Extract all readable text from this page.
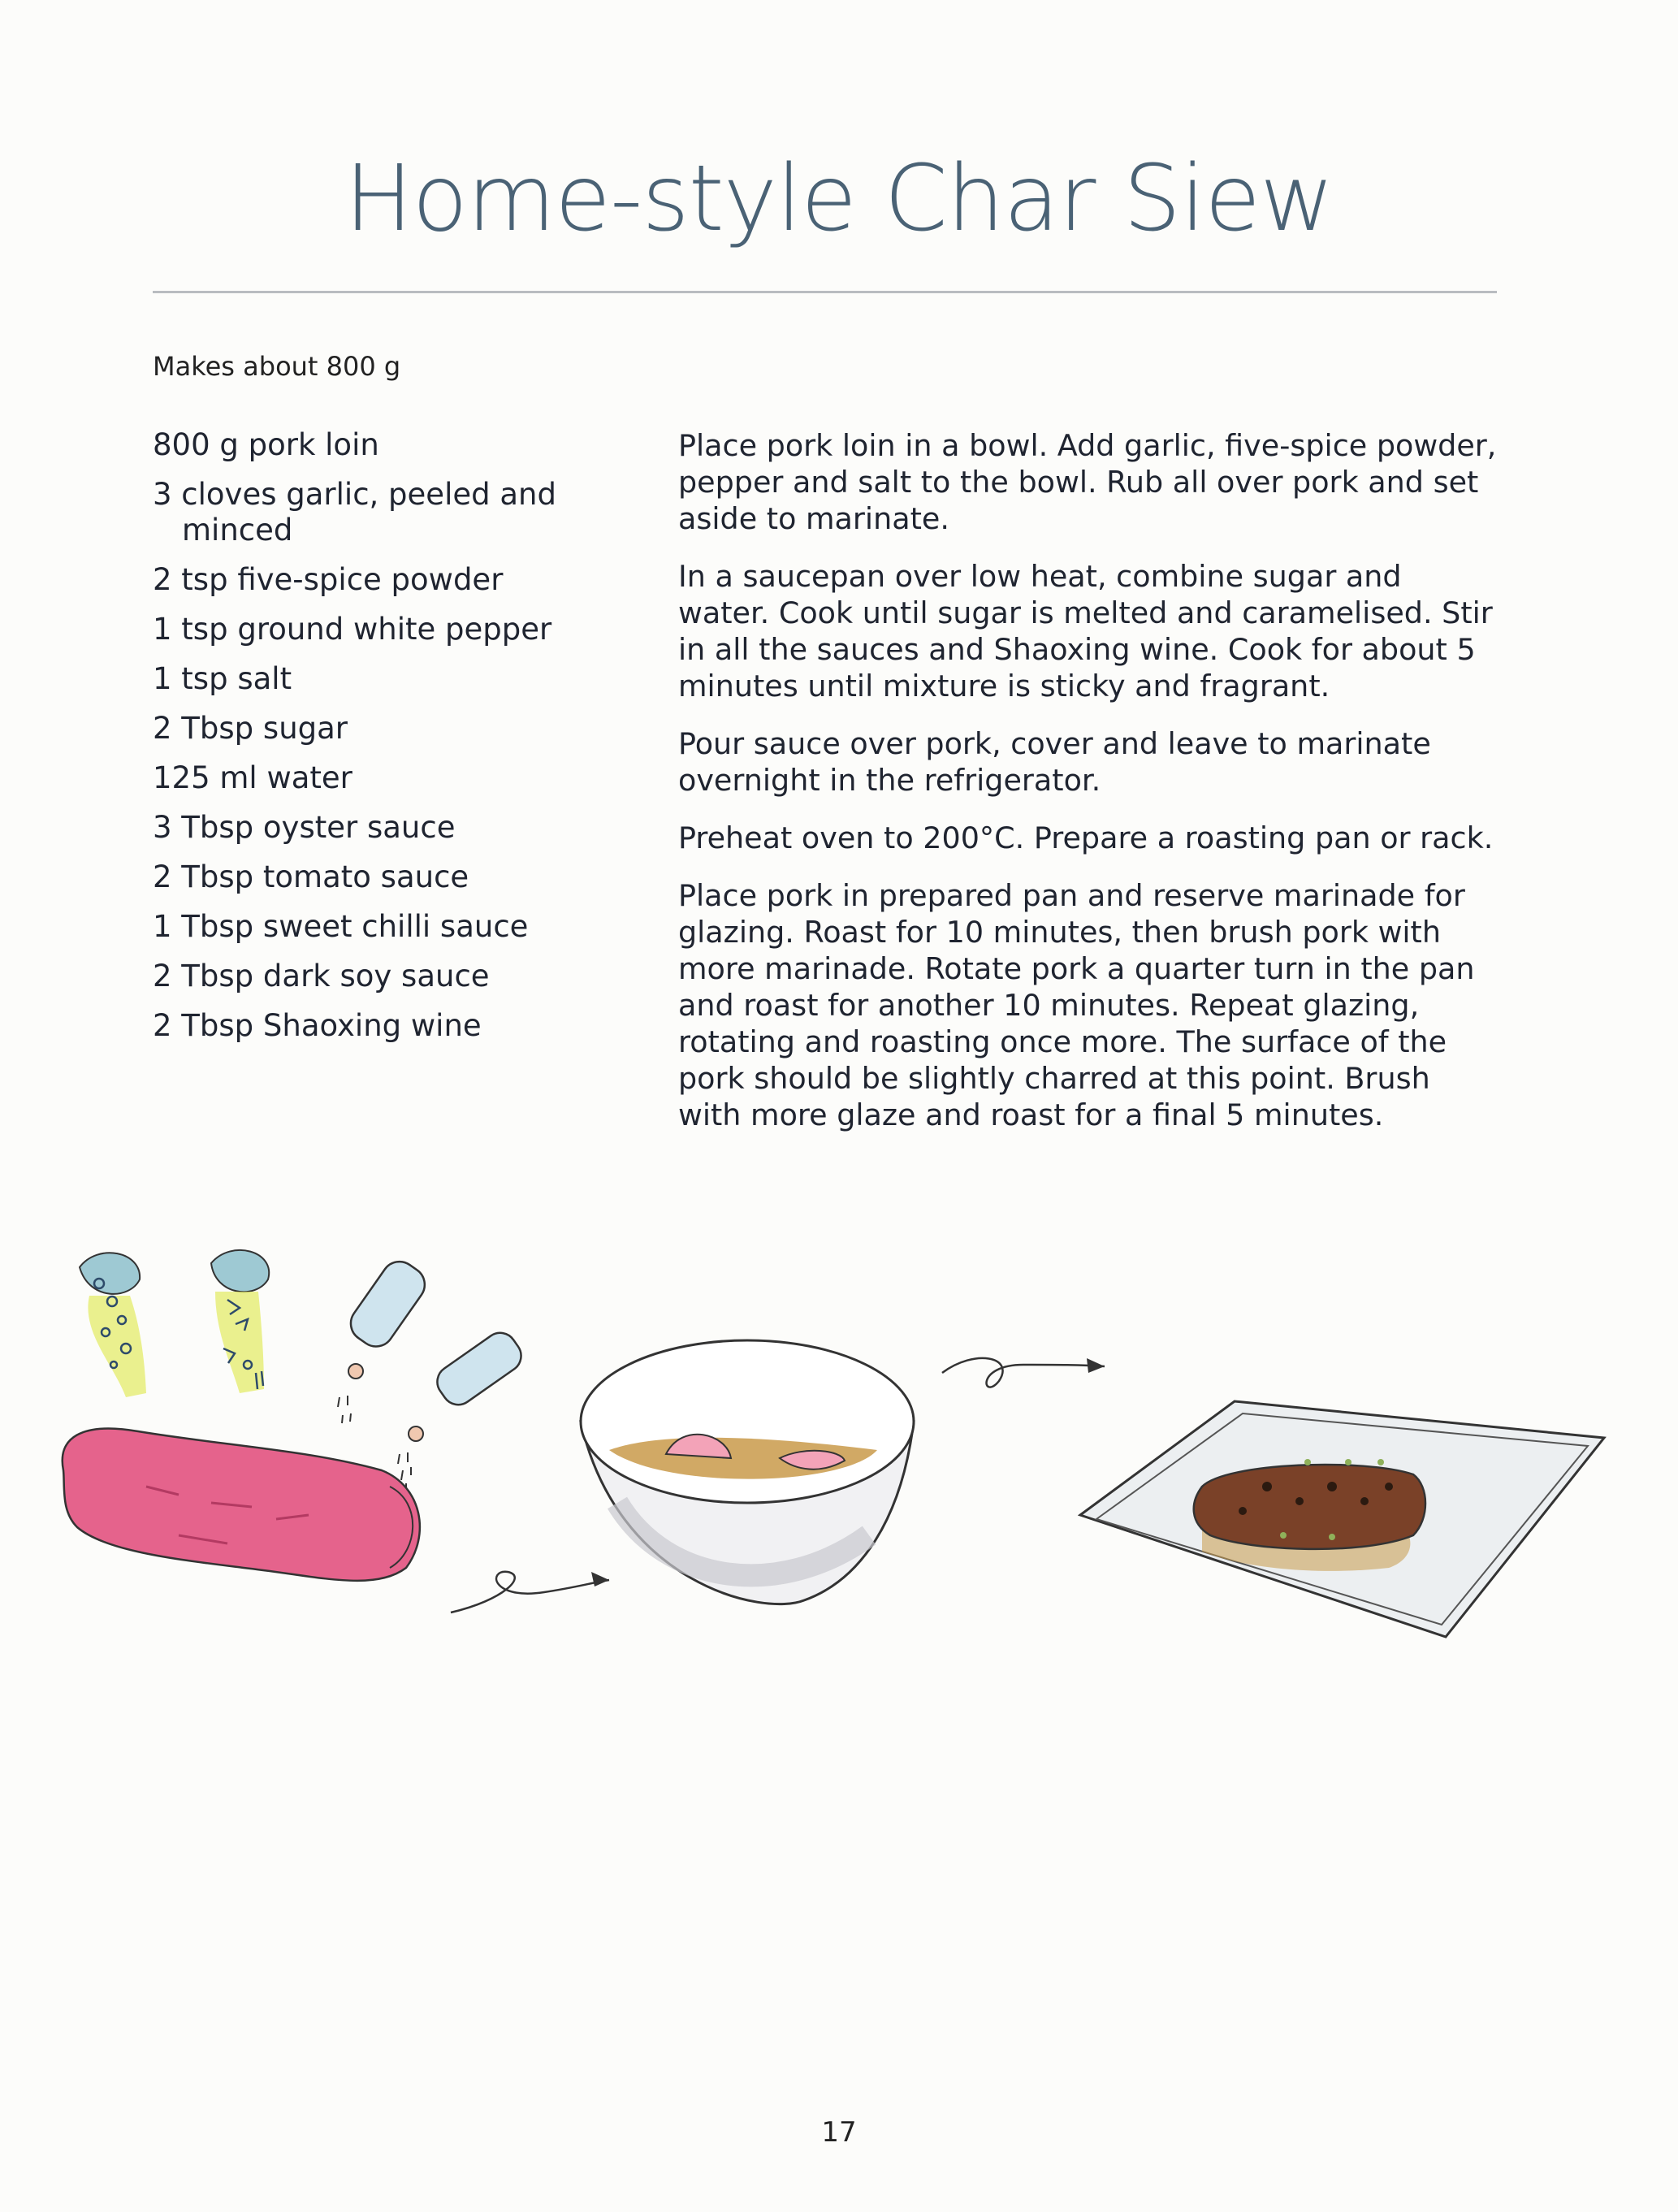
Home-style Char Siew

Makes about 800 g

800 g pork loin
3 cloves garlic, peeled and minced
2 tsp five-spice powder
1 tsp ground white pepper
1 tsp salt
2 Tbsp sugar
125 ml water
3 Tbsp oyster sauce
2 Tbsp tomato sauce
1 Tbsp sweet chilli sauce
2 Tbsp dark soy sauce
2 Tbsp Shaoxing wine

Place pork loin in a bowl. Add garlic, five-spice powder, pepper and salt to the bowl. Rub all over pork and set aside to marinate.

In a saucepan over low heat, combine sugar and water. Cook until sugar is melted and caramelised. Stir in all the sauces and Shaoxing wine. Cook for about 5 minutes until mixture is sticky and fragrant.

Pour sauce over pork, cover and leave to marinate overnight in the refrigerator.

Preheat oven to 200°C. Prepare a roasting pan or rack.

Place pork in prepared pan and reserve marinade for glazing. Roast for 10 minutes, then brush pork with more marinade. Rotate pork a quarter turn in the pan and roast for another 10 minutes. Repeat glazing, rotating and roasting once more. The surface of the pork should be slightly charred at this point. Brush with more glaze and roast for a final 5 minutes.

17
